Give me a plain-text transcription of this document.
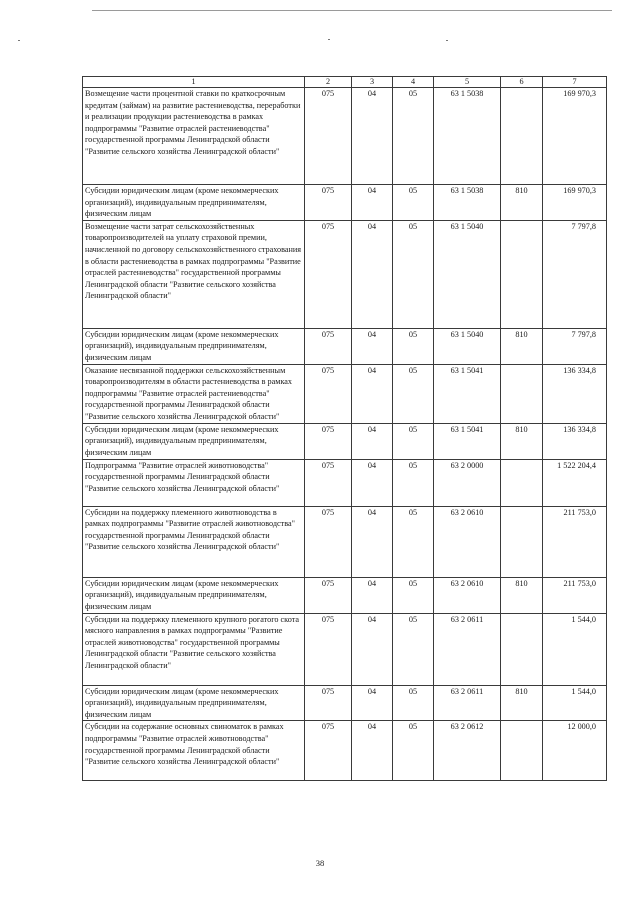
1	2	3	4	5	6	7
Возмещение части процентной ставки по краткосрочным кредитам (займам) на развитие растениеводства, переработки и реализации продукции растениеводства в рамках подпрограммы "Развитие отраслей растениеводства" государственной программы Ленинградской области "Развитие сельского хозяйства Ленинградской области"	075	04	05	63 1 5038		169 970,3
Субсидии юридическим лицам (кроме некоммерческих организаций), индивидуальным предпринимателям, физическим лицам	075	04	05	63 1 5038	810	169 970,3
Возмещение части затрат сельскохозяйственных товаропроизводителей на уплату страховой премии, начисленной по договору сельскохозяйственного страхования в области растениеводства в рамках подпрограммы "Развитие отраслей растениеводства" государственной программы Ленинградской области "Развитие сельского хозяйства Ленинградской области"	075	04	05	63 1 5040		7 797,8
Субсидии юридическим лицам (кроме некоммерческих организаций), индивидуальным предпринимателям, физическим лицам	075	04	05	63 1 5040	810	7 797,8
Оказание несвязанной поддержки сельскохозяйственным товаропроизводителям в области растениеводства в рамках подпрограммы "Развитие отраслей растениеводства" государственной программы Ленинградской области "Развитие сельского хозяйства Ленинградской области"	075	04	05	63 1 5041		136 334,8
Субсидии юридическим лицам (кроме некоммерческих организаций), индивидуальным предпринимателям, физическим лицам	075	04	05	63 1 5041	810	136 334,8
Подпрограмма "Развитие отраслей животноводства" государственной программы Ленинградской области "Развитие сельского хозяйства Ленинградской области"	075	04	05	63 2 0000		1 522 204,4
Субсидии на поддержку племенного животноводства в рамках подпрограммы "Развитие отраслей животноводства" государственной программы Ленинградской области "Развитие сельского хозяйства Ленинградской области"	075	04	05	63 2 0610		211 753,0
Субсидии юридическим лицам (кроме некоммерческих организаций), индивидуальным предпринимателям, физическим лицам	075	04	05	63 2 0610	810	211 753,0
Субсидии на поддержку племенного крупного рогатого скота мясного направления в рамках подпрограммы "Развитие отраслей животноводства" государственной программы Ленинградской области "Развитие сельского хозяйства Ленинградской области"	075	04	05	63 2 0611		1 544,0
Субсидии юридическим лицам (кроме некоммерческих организаций), индивидуальным предпринимателям, физическим лицам	075	04	05	63 2 0611	810	1 544,0
Субсидии на содержание основных свиноматок в рамках подпрограммы "Развитие отраслей животноводства" государственной программы Ленинградской области "Развитие сельского хозяйства Ленинградской области"	075	04	05	63 2 0612		12 000,0
38
